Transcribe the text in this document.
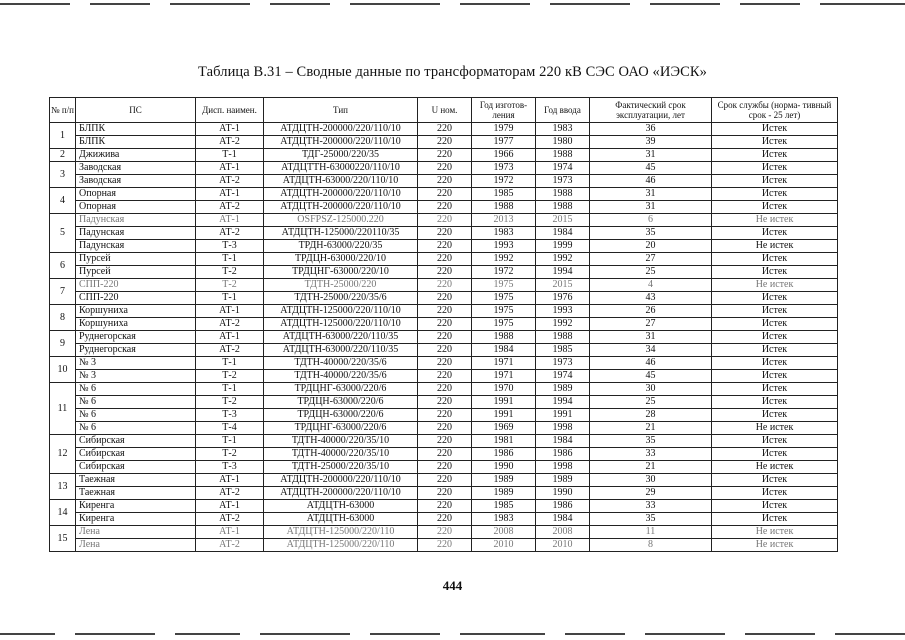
Таблица В.31 – Сводные данные по трансформаторам 220 кВ СЭС ОАО «ИЭСК»
№ п/п	ПС	Дисп. наимен.	Тип	U ном.	Год изготов- ления	Год ввода	Фактический срок эксплуатации, лет	Срок службы (норма- тивный срок - 25 лет)
1	БЛПК	АТ-1	АТДЦТН-200000/220/110/10	220	1979	1983	36	Истек
	БЛПК	АТ-2	АТДЦТН-200000/220/110/10	220	1977	1980	39	Истек
2	Джижива	Т-1	ТДГ-25000/220/35	220	1966	1988	31	Истек
3	Заводская	АТ-1	АТДЦТТН-63000220/110/10	220	1973	1974	45	Истек
	Заводская	АТ-2	АТДЦТН-63000/220/110/10	220	1972	1973	46	Истек
4	Опорная	АТ-1	АТДЦТН-200000/220/110/10	220	1985	1988	31	Истек
	Опорная	АТ-2	АТДЦТН-200000/220/110/10	220	1988	1988	31	Истек
5	Падунская	АТ-1	OSFPSZ-125000.220	220	2013	2015	6	Не истек
	Падунская	АТ-2	АТДЦТН-125000/220110/35	220	1983	1984	35	Истек
	Падунская	Т-3	ТРДН-63000/220/35	220	1993	1999	20	Не истек
6	Пурсей	Т-1	ТРДЦН-63000/220/10	220	1992	1992	27	Истек
	Пурсей	Т-2	ТРДЦНГ-63000/220/10	220	1972	1994	25	Истек
7	СПП-220	Т-2	ТДТН-25000/220	220	1975	2015	4	Не истек
	СПП-220	Т-1	ТДТН-25000/220/35/6	220	1975	1976	43	Истек
8	Коршуниха	АТ-1	АТДЦТН-125000/220/110/10	220	1975	1993	26	Истек
	Коршуниха	АТ-2	АТДЦТН-125000/220/110/10	220	1975	1992	27	Истек
9	Руднегорская	АТ-1	АТДЦТН-63000/220/110/35	220	1988	1988	31	Истек
	Руднегорская	АТ-2	АТДЦТН-63000/220/110/35	220	1984	1985	34	Истек
10	№ 3	Т-1	ТДТН-40000/220/35/6	220	1971	1973	46	Истек
	№ 3	Т-2	ТДТН-40000/220/35/6	220	1971	1974	45	Истек
11	№ 6	Т-1	ТРДЦНГ-63000/220/6	220	1970	1989	30	Истек
	№ 6	Т-2	ТРДЦН-63000/220/6	220	1991	1994	25	Истек
	№ 6	Т-3	ТРДЦН-63000/220/6	220	1991	1991	28	Истек
	№ 6	Т-4	ТРДЦНГ-63000/220/6	220	1969	1998	21	Не истек
12	Сибирская	Т-1	ТДТН-40000/220/35/10	220	1981	1984	35	Истек
	Сибирская	Т-2	ТДТН-40000/220/35/10	220	1986	1986	33	Истек
	Сибирская	Т-3	ТДТН-25000/220/35/10	220	1990	1998	21	Не истек
13	Таежная	АТ-1	АТДЦТН-200000/220/110/10	220	1989	1989	30	Истек
	Таежная	АТ-2	АТДЦТН-200000/220/110/10	220	1989	1990	29	Истек
14	Киренга	АТ-1	АТДЦТН-63000	220	1985	1986	33	Истек
	Киренга	АТ-2	АТДЦТН-63000	220	1983	1984	35	Истек
15	Лена	АТ-1	АТДЦТН-125000/220/110	220	2008	2008	11	Не истек
	Лена	АТ-2	АТДЦТН-125000/220/110	220	2010	2010	8	Не истек
444
